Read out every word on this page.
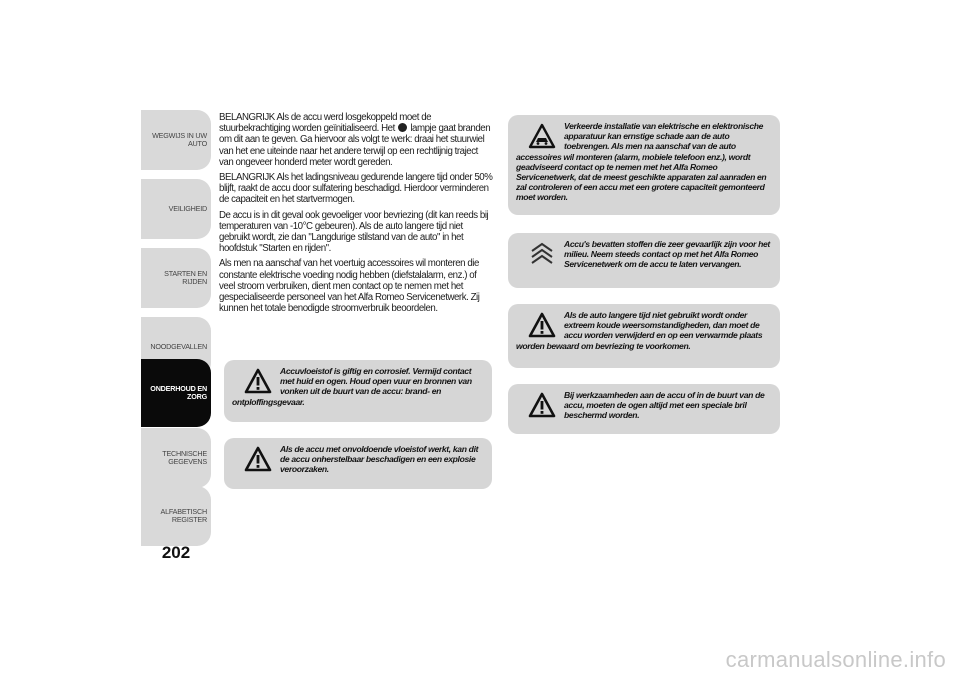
WEGWIJS IN UW
AUTO
VEILIGHEID
STARTEN EN RIJDEN
NOODGEVALLEN
ONDERHOUD EN
ZORG
TECHNISCHE
GEGEVENS
ALFABETISCH
REGISTER
202

BELANGRIJK Als de accu werd losgekoppeld moet de stuurbekrachtiging worden geïnitialiseerd. Het lampje gaat branden om dit aan te geven. Ga hiervoor als volgt te werk: draai het stuurwiel van het ene uiteinde naar het andere terwijl op een rechtlijnig traject van ongeveer honderd meter wordt gereden.

BELANGRIJK Als het ladingsniveau gedurende langere tijd onder 50% blijft, raakt de accu door sulfatering beschadigd. Hierdoor verminderen de capaciteit en het startvermogen.

De accu is in dit geval ook gevoeliger voor bevriezing (dit kan reeds bij temperaturen van -10°C gebeuren). Als de auto langere tijd niet gebruikt wordt, zie dan "Langdurige stilstand van de auto" in het hoofdstuk "Starten en rijden".

Als men na aanschaf van het voertuig accessoires wil monteren die constante elektrische voeding nodig hebben (diefstalalarm, enz.) of veel stroom verbruiken, dient men contact op te nemen met het gespecialiseerde personeel van het Alfa Romeo Servicenetwerk. Zij kunnen het totale benodigde stroomverbruik beoordelen.

Accuvloeistof is giftig en corrosief. Vermijd contact met huid en ogen. Houd open vuur en bronnen van vonken uit de buurt van de accu: brand- en ontploffingsgevaar.

Als de accu met onvoldoende vloeistof werkt, kan dit de accu onherstelbaar beschadigen en een explosie veroorzaken.

Verkeerde installatie van elektrische en elektronische apparatuur kan ernstige schade aan de auto toebrengen. Als men na aanschaf van de auto accessoires wil monteren (alarm, mobiele telefoon enz.), wordt geadviseerd contact op te nemen met het Alfa Romeo Servicenetwerk, dat de meest geschikte apparaten zal aanraden en zal controleren of een accu met een grotere capaciteit gemonteerd moet worden.

Accu's bevatten stoffen die zeer gevaarlijk zijn voor het milieu. Neem steeds contact op met het Alfa Romeo Servicenetwerk om de accu te laten vervangen.

Als de auto langere tijd niet gebruikt wordt onder extreem koude weersomstandigheden, dan moet de accu worden verwijderd en op een verwarmde plaats worden bewaard om bevriezing te voorkomen.

Bij werkzaamheden aan de accu of in de buurt van de accu, moeten de ogen altijd met een speciale bril beschermd worden.

carmanualsonline.info
